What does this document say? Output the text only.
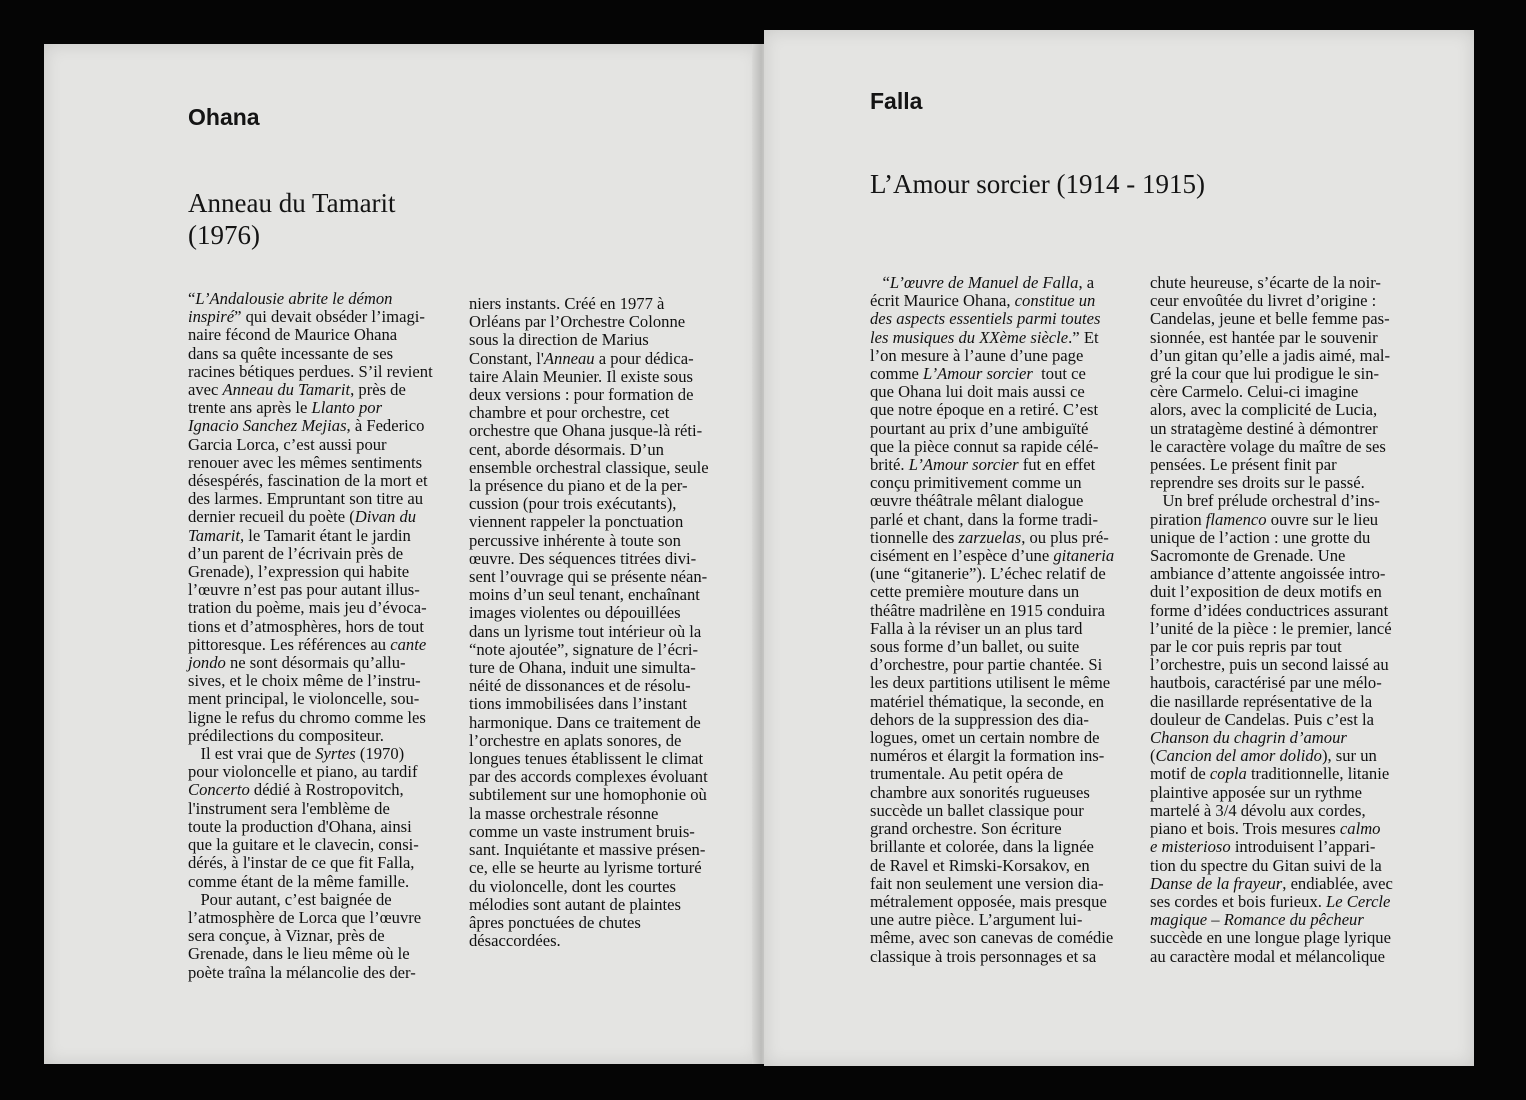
Ohana
Anneau du Tamarit
(1976)
“L’Andalousie abrite le démon
inspiré” qui devait obséder l’imagi-
naire fécond de Maurice Ohana
dans sa quête incessante de ses
racines bétiques perdues. S’il revient
avec Anneau du Tamarit, près de
trente ans après le Llanto por
Ignacio Sanchez Mejias, à Federico
Garcia Lorca, c’est aussi pour
renouer avec les mêmes sentiments
désespérés, fascination de la mort et
des larmes. Empruntant son titre au
dernier recueil du poète (Divan du
Tamarit, le Tamarit étant le jardin
d’un parent de l’écrivain près de
Grenade), l’expression qui habite
l’œuvre n’est pas pour autant illus-
tration du poème, mais jeu d’évoca-
tions et d’atmosphères, hors de tout
pittoresque. Les références au cante
jondo ne sont désormais qu’allu-
sives, et le choix même de l’instru-
ment principal, le violoncelle, sou-
ligne le refus du chromo comme les
prédilections du compositeur.
Il est vrai que de Syrtes (1970)
pour violoncelle et piano, au tardif
Concerto dédié à Rostropovitch,
l'instrument sera l'emblème de
toute la production d'Ohana, ainsi
que la guitare et le clavecin, consi-
dérés, à l'instar de ce que fit Falla,
comme étant de la même famille.
Pour autant, c’est baignée de
l’atmosphère de Lorca que l’œuvre
sera conçue, à Viznar, près de
Grenade, dans le lieu même où le
poète traîna la mélancolie des der-
niers instants. Créé en 1977 à
Orléans par l’Orchestre Colonne
sous la direction de Marius
Constant, l'Anneau a pour dédica-
taire Alain Meunier. Il existe sous
deux versions : pour formation de
chambre et pour orchestre, cet
orchestre que Ohana jusque-là réti-
cent, aborde désormais. D’un
ensemble orchestral classique, seule
la présence du piano et de la per-
cussion (pour trois exécutants),
viennent rappeler la ponctuation
percussive inhérente à toute son
œuvre. Des séquences titrées divi-
sent l’ouvrage qui se présente néan-
moins d’un seul tenant, enchaînant
images violentes ou dépouillées
dans un lyrisme tout intérieur où la
“note ajoutée”, signature de l’écri-
ture de Ohana, induit une simulta-
néité de dissonances et de résolu-
tions immobilisées dans l’instant
harmonique. Dans ce traitement de
l’orchestre en aplats sonores, de
longues tenues établissent le climat
par des accords complexes évoluant
subtilement sur une homophonie où
la masse orchestrale résonne
comme un vaste instrument bruis-
sant. Inquiétante et massive présen-
ce, elle se heurte au lyrisme torturé
du violoncelle, dont les courtes
mélodies sont autant de plaintes
âpres ponctuées de chutes
désaccordées.
Falla
L’Amour sorcier (1914 - 1915)
“L’œuvre de Manuel de Falla, a
écrit Maurice Ohana, constitue un
des aspects essentiels parmi toutes
les musiques du XXème siècle.” Et
l’on mesure à l’aune d’une page
comme L’Amour sorcier  tout ce
que Ohana lui doit mais aussi ce
que notre époque en a retiré. C’est
pourtant au prix d’une ambiguïté
que la pièce connut sa rapide célé-
brité. L’Amour sorcier fut en effet
conçu primitivement comme un
œuvre théâtrale mêlant dialogue
parlé et chant, dans la forme tradi-
tionnelle des zarzuelas, ou plus pré-
cisément en l’espèce d’une gitaneria
(une “gitanerie”). L’échec relatif de
cette première mouture dans un
théâtre madrilène en 1915 conduira
Falla à la réviser un an plus tard
sous forme d’un ballet, ou suite
d’orchestre, pour partie chantée. Si
les deux partitions utilisent le même
matériel thématique, la seconde, en
dehors de la suppression des dia-
logues, omet un certain nombre de
numéros et élargit la formation ins-
trumentale. Au petit opéra de
chambre aux sonorités rugueuses
succède un ballet classique pour
grand orchestre. Son écriture
brillante et colorée, dans la lignée
de Ravel et Rimski-Korsakov, en
fait non seulement une version dia-
métralement opposée, mais presque
une autre pièce. L’argument lui-
même, avec son canevas de comédie
classique à trois personnages et sa
chute heureuse, s’écarte de la noir-
ceur envoûtée du livret d’origine :
Candelas, jeune et belle femme pas-
sionnée, est hantée par le souvenir
d’un gitan qu’elle a jadis aimé, mal-
gré la cour que lui prodigue le sin-
cère Carmelo. Celui-ci imagine
alors, avec la complicité de Lucia,
un stratagème destiné à démontrer
le caractère volage du maître de ses
pensées. Le présent finit par
reprendre ses droits sur le passé.
Un bref prélude orchestral d’ins-
piration flamenco ouvre sur le lieu
unique de l’action : une grotte du
Sacromonte de Grenade. Une
ambiance d’attente angoissée intro-
duit l’exposition de deux motifs en
forme d’idées conductrices assurant
l’unité de la pièce : le premier, lancé
par le cor puis repris par tout
l’orchestre, puis un second laissé au
hautbois, caractérisé par une mélo-
die nasillarde représentative de la
douleur de Candelas. Puis c’est la
Chanson du chagrin d’amour
(Cancion del amor dolido), sur un
motif de copla traditionnelle, litanie
plaintive apposée sur un rythme
martelé à 3/4 dévolu aux cordes,
piano et bois. Trois mesures calmo
e misterioso introduisent l’appari-
tion du spectre du Gitan suivi de la
Danse de la frayeur, endiablée, avec
ses cordes et bois furieux. Le Cercle
magique – Romance du pêcheur
succède en une longue plage lyrique
au caractère modal et mélancolique
